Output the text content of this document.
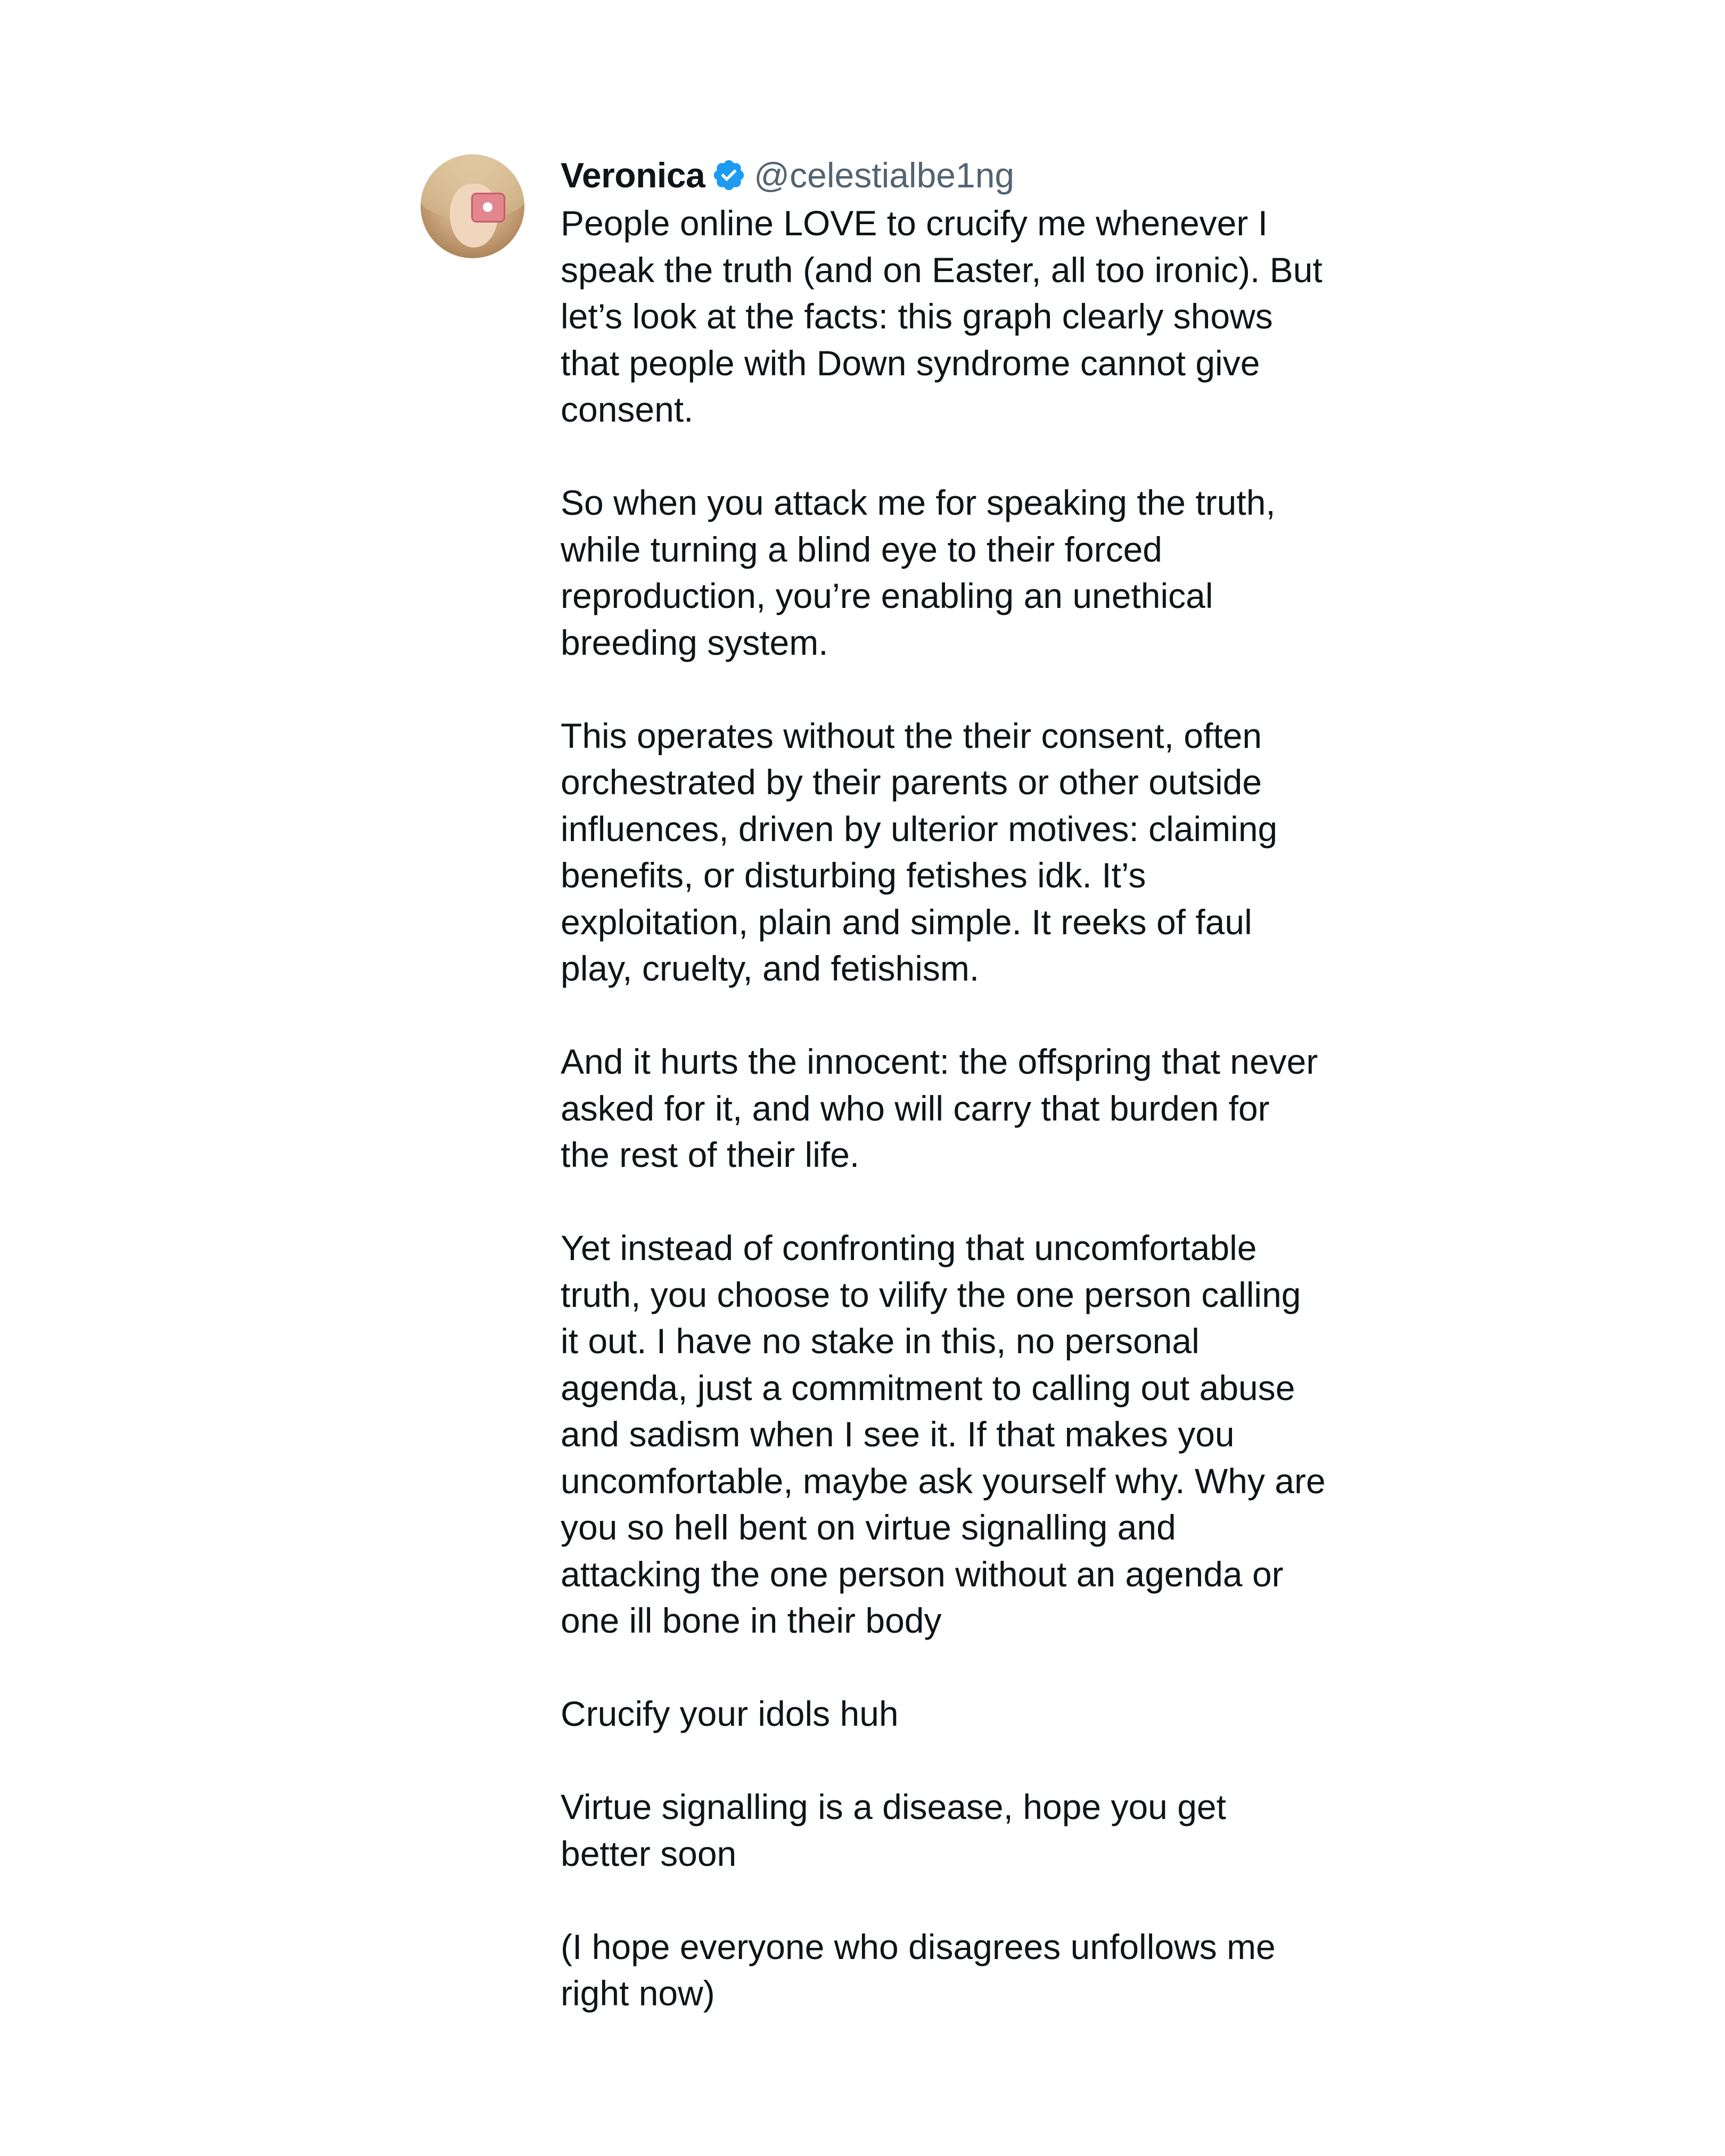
Veronica @celestialbe1ng

People online LOVE to crucify me whenever I speak the truth (and on Easter, all too ironic). But let’s look at the facts: this graph clearly shows that people with Down syndrome cannot give consent.

So when you attack me for speaking the truth, while turning a blind eye to their forced reproduction, you’re enabling an unethical breeding system.

This operates without the their consent, often orchestrated by their parents or other outside influences, driven by ulterior motives: claiming benefits, or disturbing fetishes idk. It’s exploitation, plain and simple. It reeks of faul play, cruelty, and fetishism.

And it hurts the innocent: the offspring that never asked for it, and who will carry that burden for the rest of their life.

Yet instead of confronting that uncomfortable truth, you choose to vilify the one person calling it out. I have no stake in this, no personal agenda, just a commitment to calling out abuse and sadism when I see it. If that makes you uncomfortable, maybe ask yourself why. Why are you so hell bent on virtue signalling and attacking the one person without an agenda or one ill bone in their body

Crucify your idols huh

Virtue signalling is a disease, hope you get better soon

(I hope everyone who disagrees unfollows me right now)
